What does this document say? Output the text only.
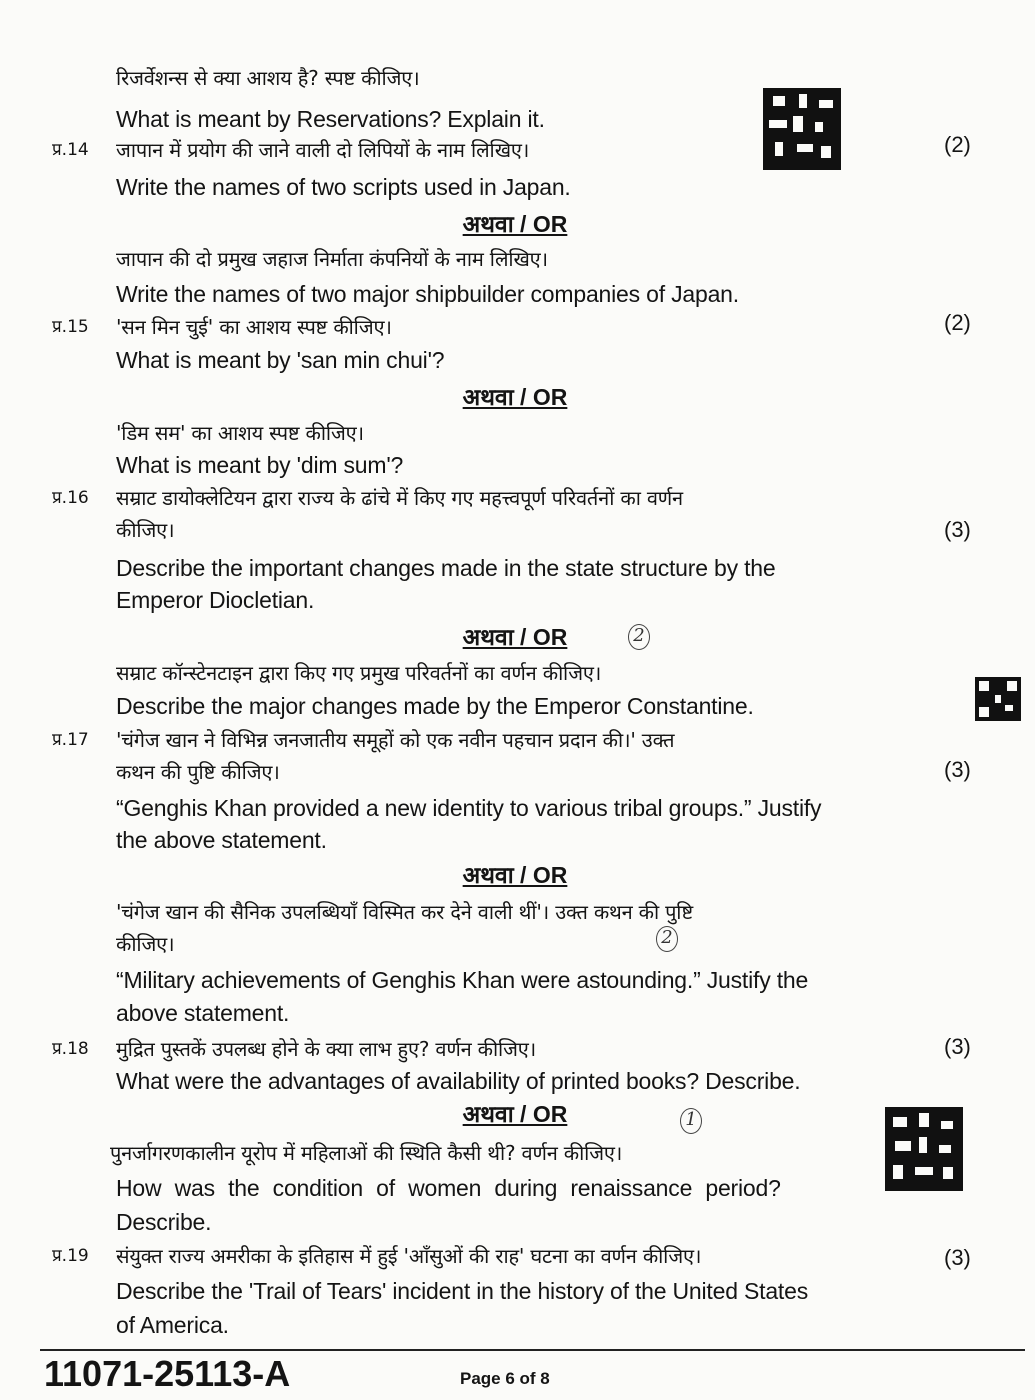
रिजर्वेशन्स से क्या आशय है? स्पष्ट कीजिए।
What is meant by Reservations? Explain it.
प्र.14 जापान में प्रयोग की जाने वाली दो लिपियों के नाम लिखिए।	(2)
Write the names of two scripts used in Japan.
अथवा / OR
जापान की दो प्रमुख जहाज निर्माता कंपनियों के नाम लिखिए।
Write the names of two major shipbuilder companies of Japan.
प्र.15 'सन मिन चुई' का आशय स्पष्ट कीजिए।	(2)
What is meant by 'san min chui'?
अथवा / OR
'डिम सम' का आशय स्पष्ट कीजिए।
What is meant by 'dim sum'?
प्र.16 सम्राट डायोक्लेटियन द्वारा राज्य के ढांचे में किए गए महत्त्वपूर्ण परिवर्तनों का वर्णन
कीजिए।	(3)
Describe the important changes made in the state structure by the
Emperor Diocletian.
अथवा / OR	2
सम्राट कॉन्स्टेनटाइन द्वारा किए गए प्रमुख परिवर्तनों का वर्णन कीजिए।
Describe the major changes made by the Emperor Constantine.
प्र.17 'चंगेज खान ने विभिन्न जनजातीय समूहों को एक नवीन पहचान प्रदान की।' उक्त
कथन की पुष्टि कीजिए।	(3)
“Genghis Khan provided a new identity to various tribal groups.” Justify
the above statement.
अथवा / OR
'चंगेज खान की सैनिक उपलब्धियाँ विस्मित कर देने वाली थीं'। उक्त कथन की पुष्टि
कीजिए।	2
“Military achievements of Genghis Khan were astounding.” Justify the
above statement.
प्र.18 मुद्रित पुस्तकें उपलब्ध होने के क्या लाभ हुए? वर्णन कीजिए।	(3)
What were the advantages of availability of printed books? Describe.
अथवा / OR	1
पुनर्जागरणकालीन यूरोप में महिलाओं की स्थिति कैसी थी? वर्णन कीजिए।
How was the condition of women during renaissance period?
Describe.
प्र.19 संयुक्त राज्य अमरीका के इतिहास में हुई 'आँसुओं की राह' घटना का वर्णन कीजिए।	(3)
Describe the 'Trail of Tears' incident in the history of the United States
of America.
11071-25113-A	Page 6 of 8
